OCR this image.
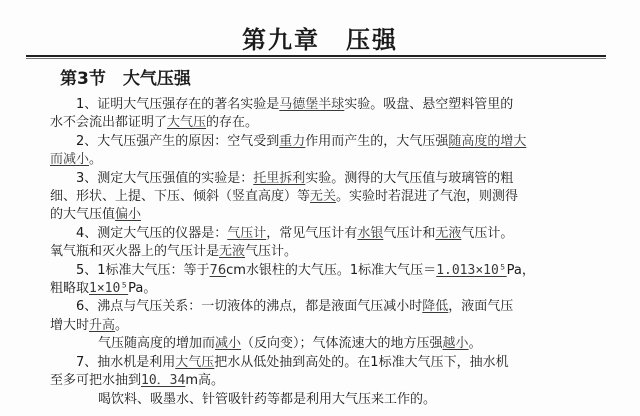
第九章　压强
第3节　大气压强

1、证明大气压强存在的著名实验是马德堡半球实验。吸盘、悬空塑料管里的

水不会流出都证明了大气压的存在。

2、大气压强产生的原因：空气受到重力作用而产生的，大气压强随高度的增大

而减小。

3、测定大气压强值的实验是：托里拆利实验。测得的大气压值与玻璃管的粗

细、形状、上提、下压、倾斜（竖直高度）等无关。实验时若混进了气泡，则测得

的大气压值偏小

4、测定大气压的仪器是：气压计，常见气压计有水银气压计和无液气压计。

氧气瓶和灭火器上的气压计是无液气压计。

5、1标准大气压：等于76cm水银柱的大气压。1标准大气压＝1.013×10⁵Pa，

粗略取1×10⁵Pa。

6、沸点与气压关系：一切液体的沸点，都是液面气压减小时降低，液面气压

增大时升高。

气压随高度的增加而减小（反向变）；气体流速大的地方压强越小。

7、抽水机是利用大气压把水从低处抽到高处的。在1标准大气压下，抽水机

至多可把水抽到10．34m高。

喝饮料、吸墨水、针管吸针药等都是利用大气压来工作的。
